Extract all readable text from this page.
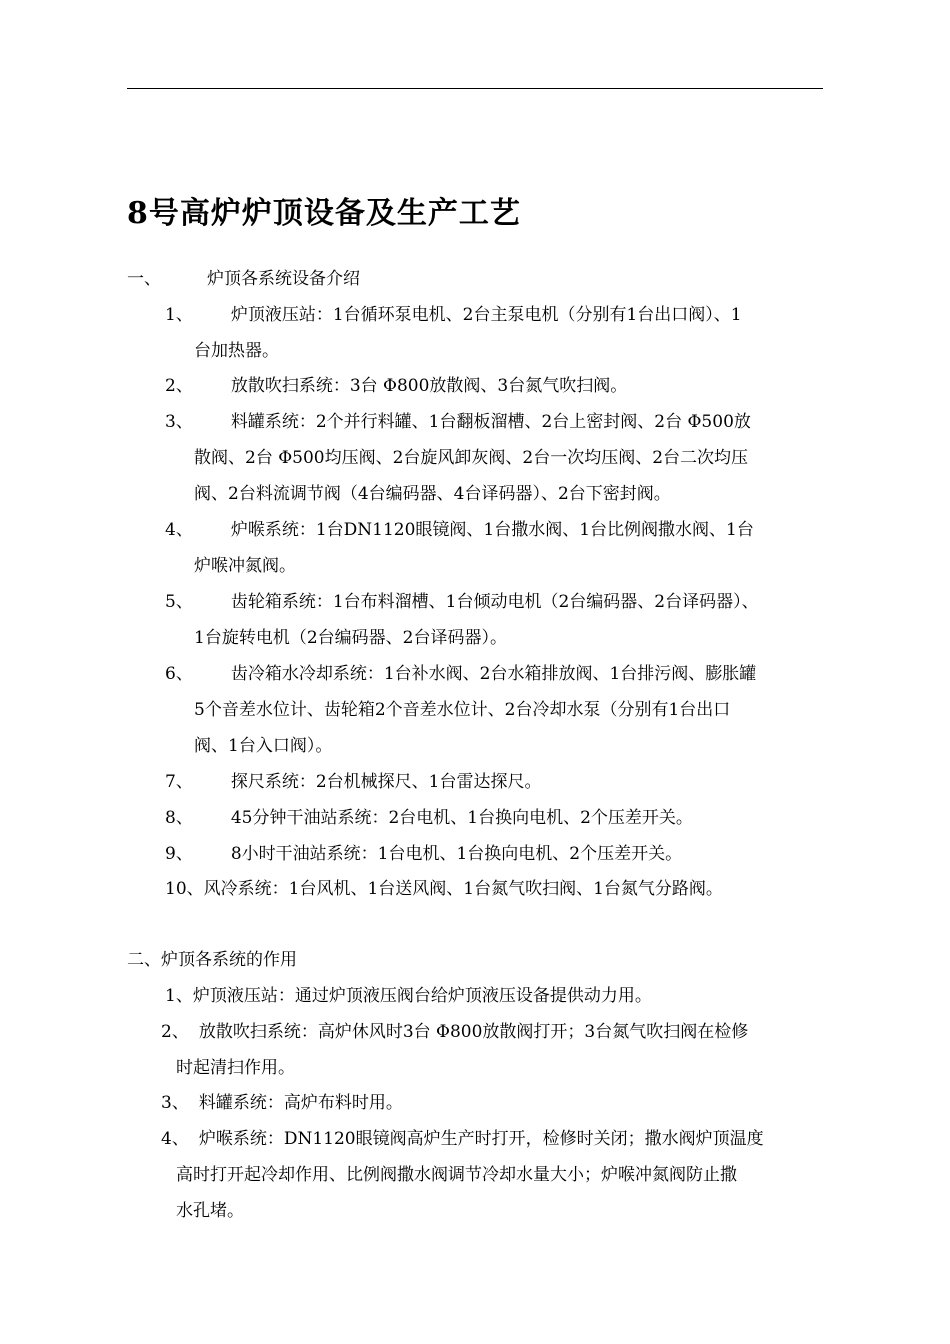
8号高炉炉顶设备及生产工艺
一、	炉顶各系统设备介绍
1、 炉顶液压站：1台循环泵电机、2台主泵电机（分别有1台出口阀）、1
台加热器。
2、 放散吹扫系统：3台 Φ800放散阀、3台氮气吹扫阀。
3、 料罐系统：2个并行料罐、1台翻板溜槽、2台上密封阀、2台 Φ500放
散阀、2台 Φ500均压阀、2台旋风卸灰阀、2台一次均压阀、2台二次均压
阀、2台料流调节阀（4台编码器、4台译码器）、2台下密封阀。
4、 炉喉系统：1台DN1120眼镜阀、1台撒水阀、1台比例阀撒水阀、1台
炉喉冲氮阀。
5、 齿轮箱系统：1台布料溜槽、1台倾动电机（2台编码器、2台译码器）、
1台旋转电机（2台编码器、2台译码器）。
6、 齿冷箱水冷却系统：1台补水阀、2台水箱排放阀、1台排污阀、膨胀罐
5个音差水位计、齿轮箱2个音差水位计、2台冷却水泵（分别有1台出口
阀、1台入口阀）。
7、 探尺系统：2台机械探尺、1台雷达探尺。
8、 45分钟干油站系统：2台电机、1台换向电机、2个压差开关。
9、 8小时干油站系统：1台电机、1台换向电机、2个压差开关。
10、风冷系统：1台风机、1台送风阀、1台氮气吹扫阀、1台氮气分路阀。
二、炉顶各系统的作用
1、炉顶液压站：通过炉顶液压阀台给炉顶液压设备提供动力用。
2、 放散吹扫系统：高炉休风时3台 Φ800放散阀打开；3台氮气吹扫阀在检修
时起清扫作用。
3、 料罐系统：高炉布料时用。
4、 炉喉系统：DN1120眼镜阀高炉生产时打开，检修时关闭；撒水阀炉顶温度
高时打开起冷却作用、比例阀撒水阀调节冷却水量大小；炉喉冲氮阀防止撒
水孔堵。
